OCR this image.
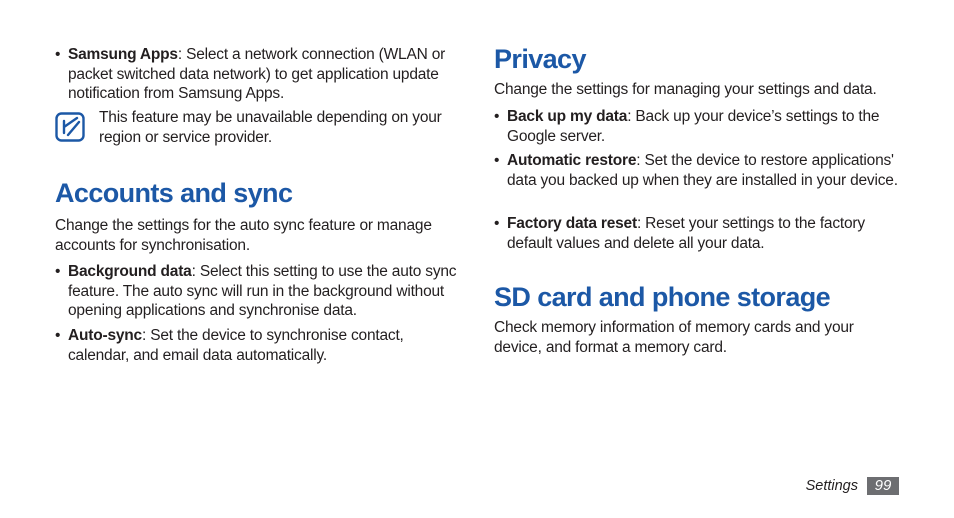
• Samsung Apps: Select a network connection (WLAN or packet switched data network) to get application update notification from Samsung Apps.
This feature may be unavailable depending on your region or service provider.
Accounts and sync
Change the settings for the auto sync feature or manage accounts for synchronisation.
• Background data: Select this setting to use the auto sync feature. The auto sync will run in the background without opening applications and synchronise data.
• Auto-sync: Set the device to synchronise contact, calendar, and email data automatically.
Privacy
Change the settings for managing your settings and data.
• Back up my data: Back up your device’s settings to the Google server.
• Automatic restore: Set the device to restore applications' data you backed up when they are installed in your device.
• Factory data reset: Reset your settings to the factory default values and delete all your data.
SD card and phone storage
Check memory information of memory cards and your device, and format a memory card.
Settings	99
